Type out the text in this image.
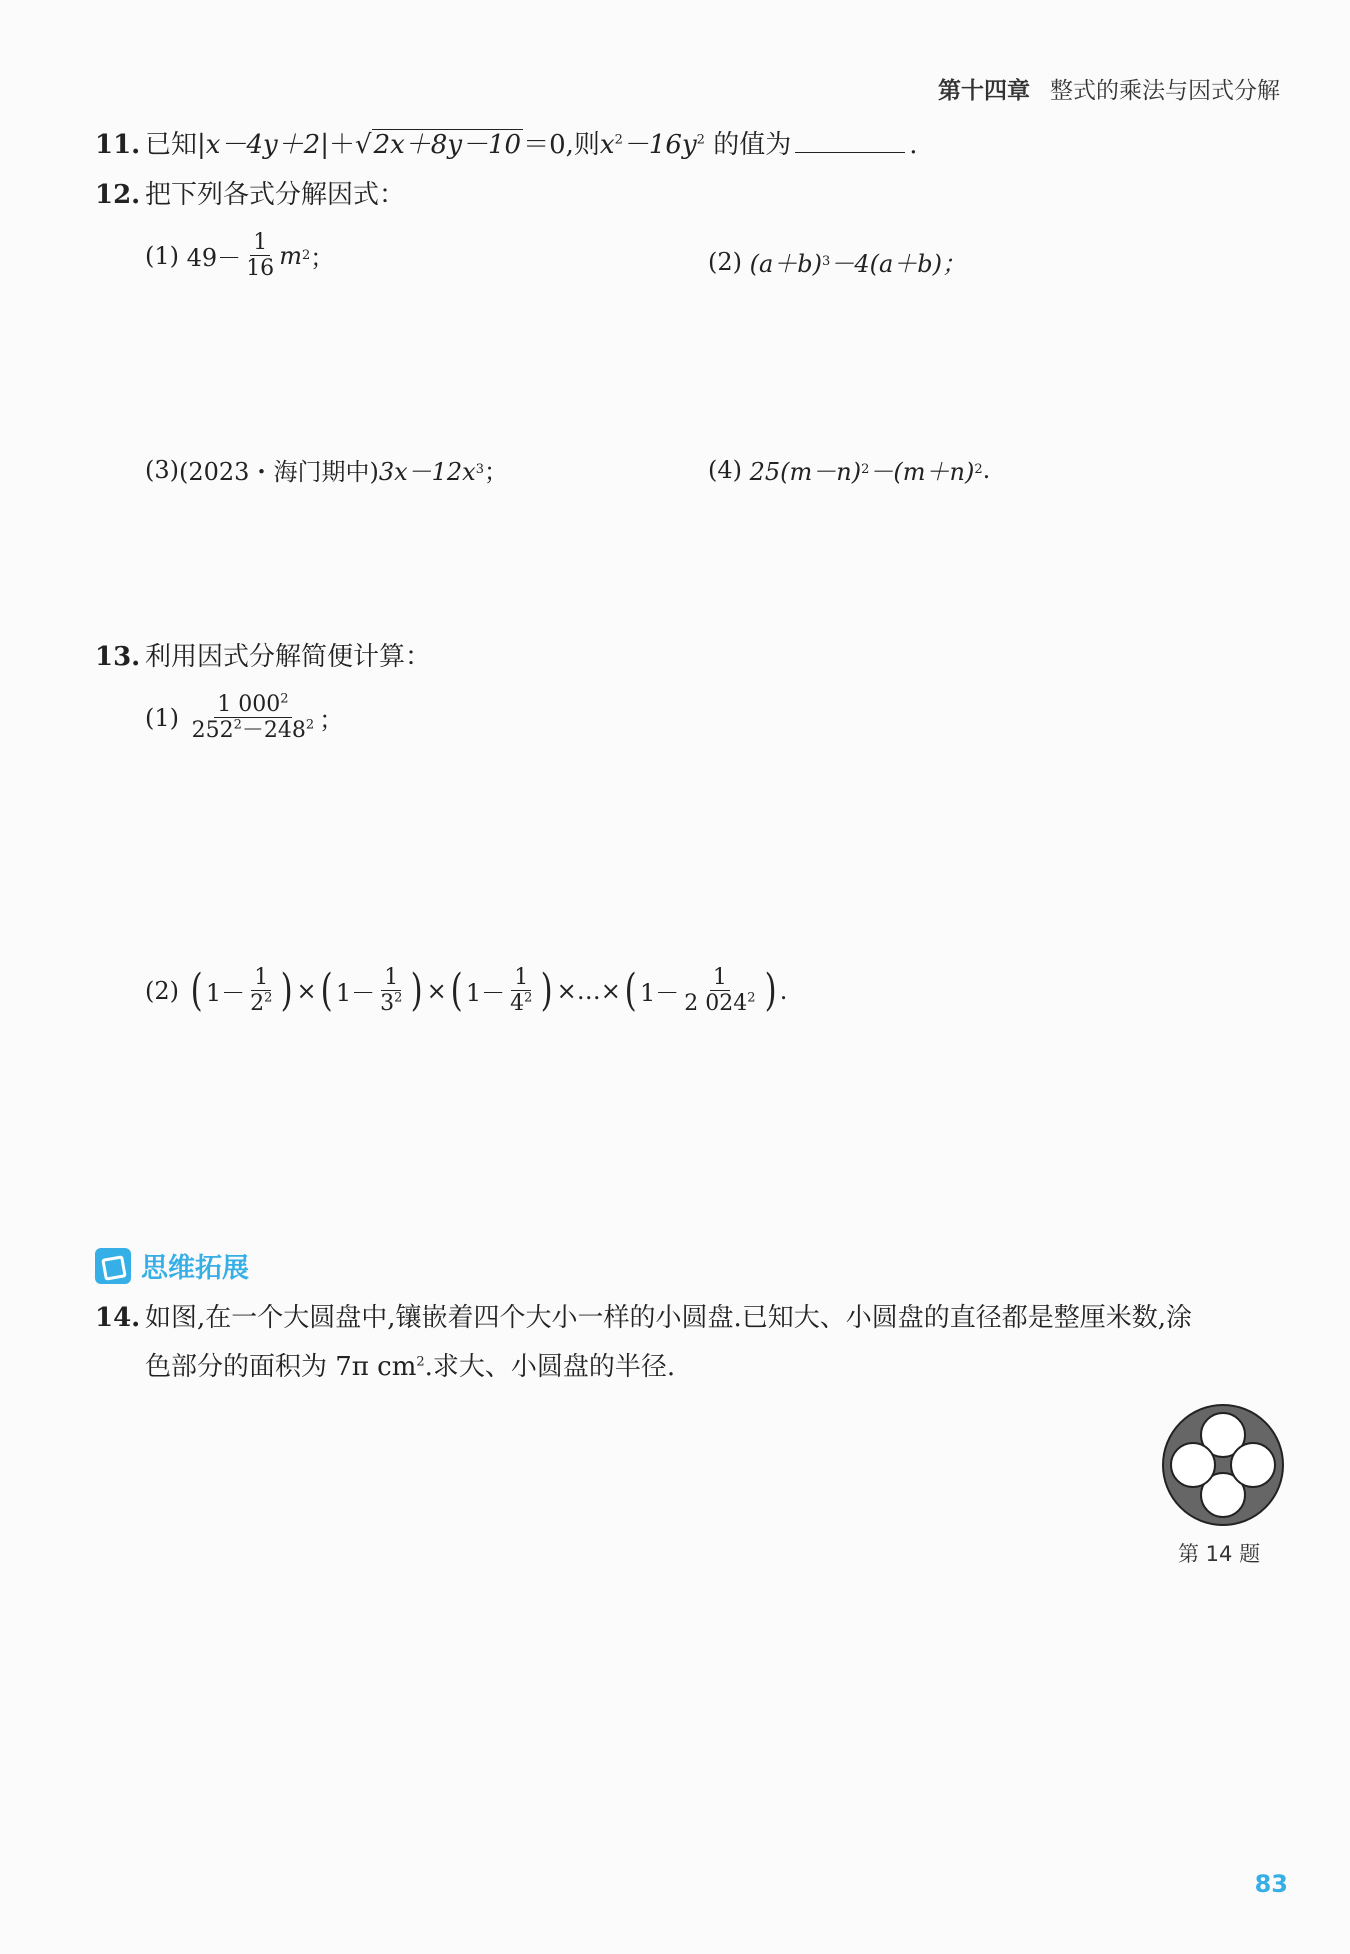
第十四章 整式的乘法与因式分解
11. 已知|x－4y＋2|＋√2x＋8y－10＝0,则$x^2-16y^2$ 的值为	.
12. 把下列各式分解因式：
(1)
$49- \frac{1}{16}$ m 2 ；	(2)
(a＋b) 3 －4(a＋b)；
(3) (2023・海门期中) 3x－12x 3 ；	(4)
25(m－n) 2 －(m＋n) 2 .
13. 利用因式分解简便计算：
(1)
$\frac{1 000^2}{252^2-248^2}$ ；
(2)
( $1- \frac{1}{2^2}$ ) × ( $1- \frac{1}{3^2}$ ) × ( $1- \frac{1}{4^2}$ ) ×…× ( $1- \frac{1}{2 024^2}$ ) .
思维拓展
14. 如图,在一个大圆盘中,镶嵌着四个大小一样的小圆盘.已知大、小圆盘的直径都是整厘米数,涂
色部分的面积为 7π $cm^2$.求大、小圆盘的半径.
第 14 题
83
